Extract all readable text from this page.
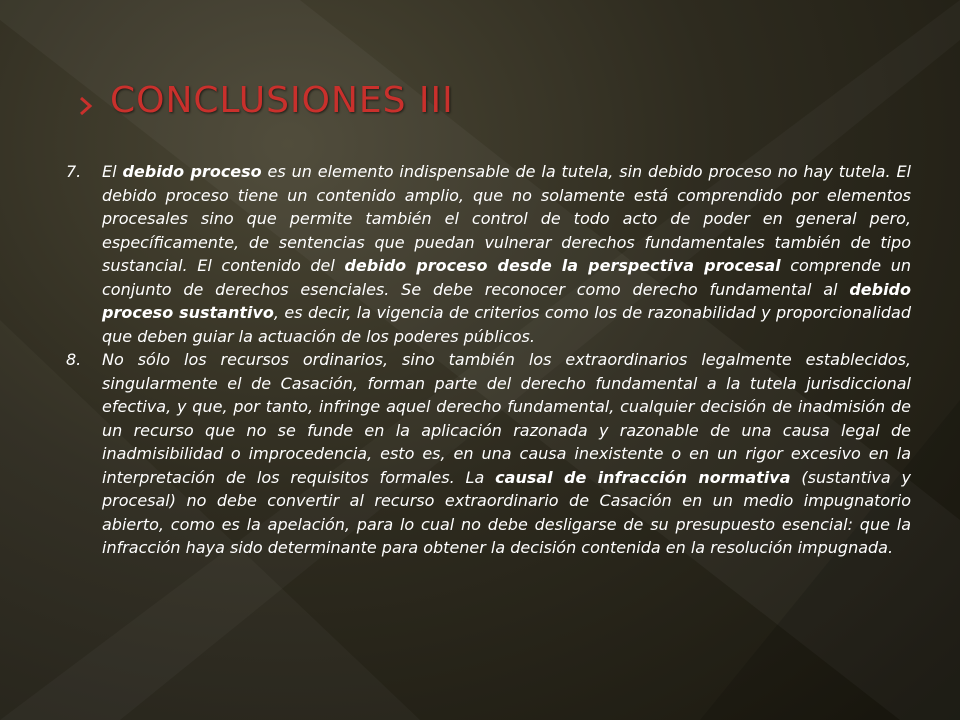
CONCLUSIONES III
7.	El debido proceso es un elemento indispensable de la tutela, sin debido proceso no hay tutela. El debido proceso tiene un contenido amplio, que no solamente está comprendido por elementos procesales sino que permite también el control de todo acto de poder en general pero, específicamente, de sentencias que puedan vulnerar derechos fundamentales también de tipo sustancial. El contenido del debido proceso desde la perspectiva procesal comprende un conjunto de derechos esenciales. Se debe reconocer como derecho fundamental al debido proceso sustantivo, es decir, la vigencia de criterios como los de razonabilidad y proporcionalidad que deben guiar la actuación de los poderes públicos.
8.	No sólo los recursos ordinarios, sino también los extraordinarios legalmente establecidos, singularmente el de Casación, forman parte del derecho fundamental a la tutela jurisdiccional efectiva, y que, por tanto, infringe aquel derecho fundamental, cualquier decisión de inadmisión de un recurso que no se funde en la aplicación razonada y razonable de una causa legal de inadmisibilidad o improcedencia, esto es, en una causa inexistente o en un rigor excesivo en la interpretación de los requisitos formales. La causal de infracción normativa (sustantiva y procesal) no debe convertir al recurso extraordinario de Casación en un medio impugnatorio abierto, como es la apelación, para lo cual no debe desligarse de su presupuesto esencial: que la infracción haya sido determinante para obtener la decisión contenida en la resolución impugnada.
